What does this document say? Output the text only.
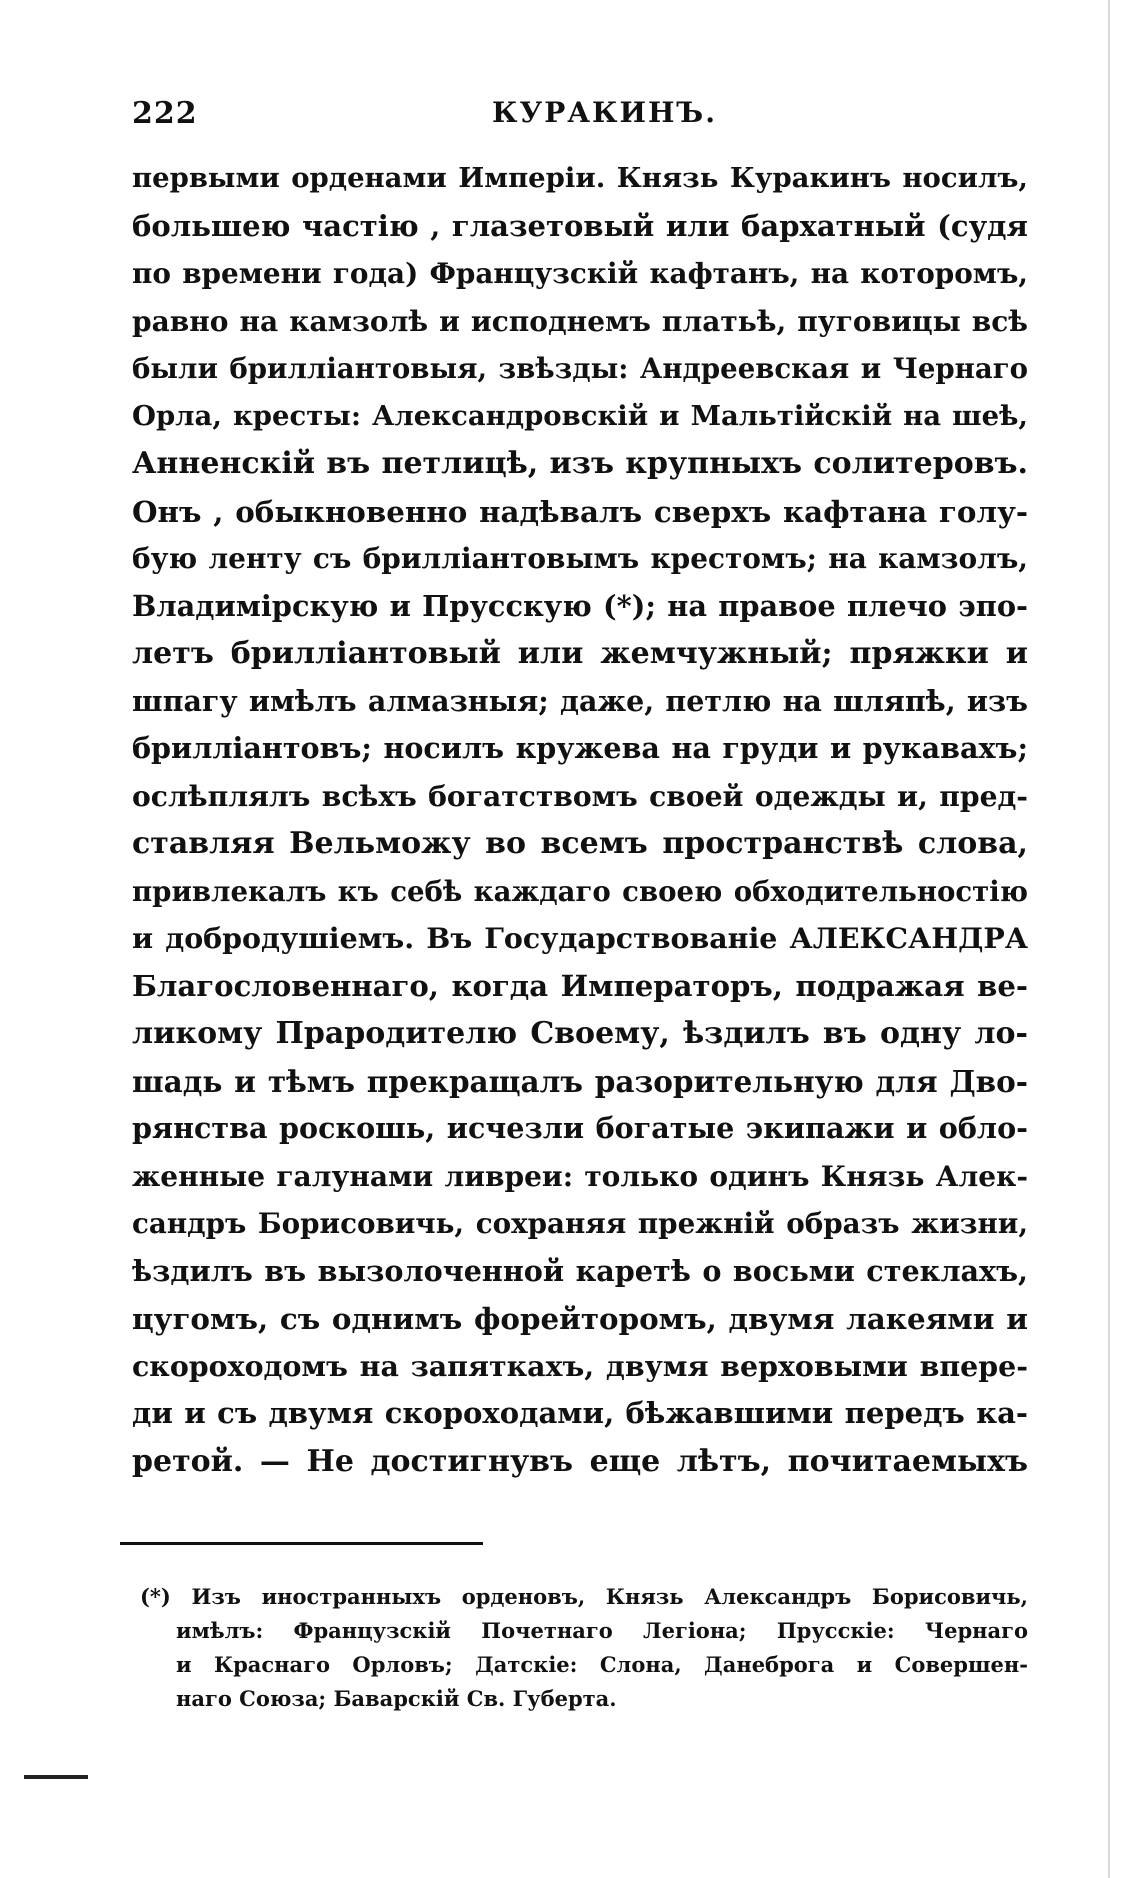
222	КУРАКИНЪ.
первыми орденами Имперіи. Князь Куракинъ носилъ,
большею частію , глазетовый или бархатный (судя
по времени года) Французскій кафтанъ, на которомъ,
равно на камзолѣ и исподнемъ платьѣ, пуговицы всѣ
были бриллiантовыя, звѣзды: Андреевская и Чернаго
Орла, кресты: Александровскій и Мальтійскій на шеѣ,
Анненскій въ петлицѣ, изъ крупныхъ солитеровъ.
Онъ , обыкновенно надѣвалъ сверхъ кафтана голу-
бую ленту съ брилліантовымъ крестомъ; на камзолъ,
Владимірскую и Прусскую (*); на правое плечо эпо-
летъ брилліантовый или жемчужный; пряжки и
шпагу имѣлъ алмазныя; даже, петлю на шляпѣ, изъ
брилліантовъ; носилъ кружева на груди и рукавахъ;
ослѣплялъ всѣхъ богатствомъ своей одежды и, пред-
ставляя Вельможу во всемъ пространствѣ слова,
привлекалъ къ себѣ каждаго своею обходительностію
и добродушіемъ. Въ Государствованіе АЛЕКСАНДРА
Благословеннаго, когда Императоръ, подражая ве-
ликому Прародителю Своему, ѣздилъ въ одну ло-
шадь и тѣмъ прекращалъ разорительную для Дво-
рянства роскошь, исчезли богатые экипажи и обло-
женные галунами ливреи: только одинъ Князь Алек-
сандръ Борисовичь, сохраняя прежній образъ жизни,
ѣздилъ въ вызолоченной каретѣ о восьми стеклахъ,
цугомъ, съ однимъ форейторомъ, двумя лакеями и
скороходомъ на запяткахъ, двумя верховыми впере-
ди и съ двумя скороходами, бѣжавшими передъ ка-
ретой. — Не достигнувъ еще лѣтъ, почитаемыхъ
(*) Изъ иностранныхъ орденовъ, Князь Александръ Борисовичь,
имѣлъ: Французскій Почетнаго Легіона; Прусскіе: Чернаго
и Краснаго Орловъ; Датскіе: Слона, Данеброга и Совершен-
наго Союза; Баварскій Св. Губерта.
